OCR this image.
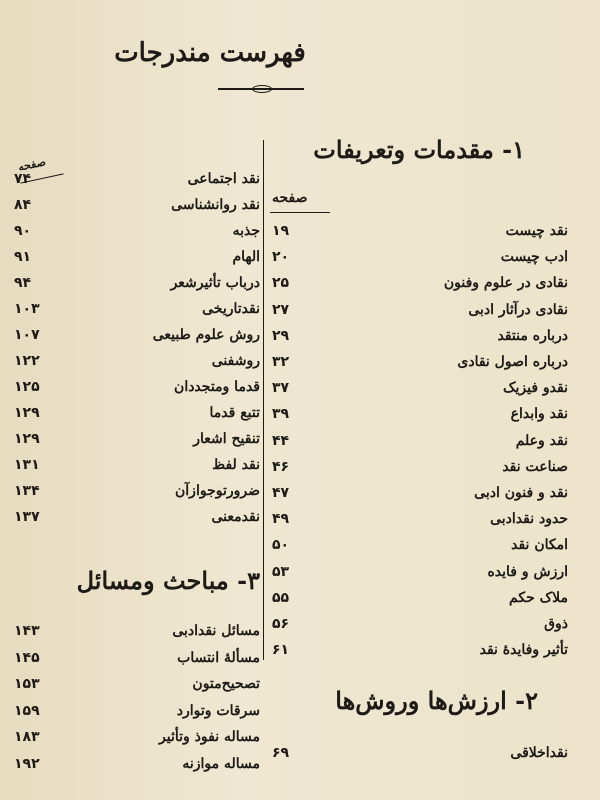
فهرست مندرجات
۱- مقدمات وتعریفات
صفحه
نقد چیست
۱۹
ادب چیست
۲۰
نقادی در علوم وفنون
۲۵
نقادی درآثار ادبی
۲۷
درباره منتقد
۲۹
درباره اصول نقادی
۳۲
نقدو فیزیک
۳۷
نقد وابداع
۳۹
نقد وعلم
۴۴
صناعت نقد
۴۶
نقد و فنون ادبی
۴۷
حدود نقدادبی
۴۹
امکان نقد
۵۰
ارزش و فایده
۵۳
ملاک حکم
۵۵
ذوق
۵۶
تأثیر وفایدهٔ نقد
۶۱
۲- ارزش‌ها وروش‌ها
نقداخلاقی
۶۹
صفحه
نقد اجتماعی
۷۴
نقد روانشناسی
۸۴
جذبه
۹۰
الهام
۹۱
درباب تأثیرشعر
۹۴
نقدتاریخی
۱۰۳
روش علوم طبیعی
۱۰۷
روشفنی
۱۲۲
قدما ومتجددان
۱۲۵
تتبع قدما
۱۲۹
تنقیح اشعار
۱۲۹
نقد لفظ
۱۳۱
ضرورتوجوازآن
۱۳۴
نقدمعنی
۱۳۷
۳- مباحث ومسائل
مسائل نقدادبی
۱۴۳
مسألهٔ انتساب
۱۴۵
تصحیح‌متون
۱۵۳
سرقات وتوارد
۱۵۹
مساله نفوذ وتأثیر
۱۸۳
مساله موازنه
۱۹۲
